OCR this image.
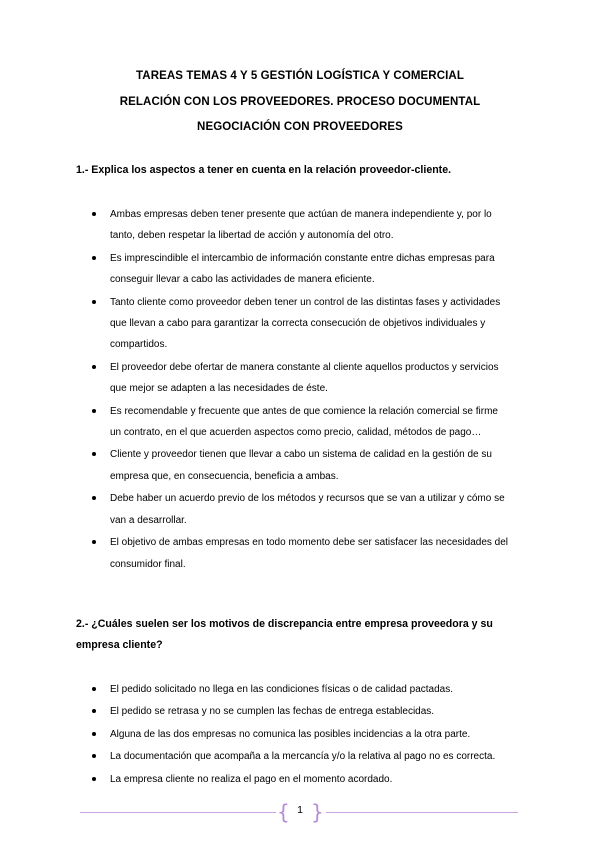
TAREAS TEMAS 4 Y 5 GESTIÓN LOGÍSTICA Y COMERCIAL
RELACIÓN CON LOS PROVEEDORES. PROCESO DOCUMENTAL
NEGOCIACIÓN CON PROVEEDORES
1.- Explica los aspectos a tener en cuenta en la relación proveedor-cliente.
Ambas empresas deben tener presente que actúan de manera independiente y, por lo tanto, deben respetar la libertad de acción y autonomía del otro.
Es imprescindible el intercambio de información constante entre dichas empresas para conseguir llevar a cabo las actividades de manera eficiente.
Tanto cliente como proveedor deben tener un control de las distintas fases y actividades que llevan a cabo para garantizar la correcta consecución de objetivos individuales y compartidos.
El proveedor debe ofertar de manera constante al cliente aquellos productos y servicios que mejor se adapten a las necesidades de éste.
Es recomendable y frecuente que antes de que comience la relación comercial se firme un contrato, en el que acuerden aspectos como precio, calidad, métodos de pago…
Cliente y proveedor tienen que llevar a cabo un sistema de calidad en la gestión de su empresa que, en consecuencia, beneficia a ambas.
Debe haber un acuerdo previo de los métodos y recursos que se van a utilizar y cómo se van a desarrollar.
El objetivo de ambas empresas en todo momento debe ser satisfacer las necesidades del consumidor final.
2.- ¿Cuáles suelen ser los motivos de discrepancia entre empresa proveedora y su empresa cliente?
El pedido solicitado no llega en las condiciones físicas o de calidad pactadas.
El pedido se retrasa y no se cumplen las fechas de entrega establecidas.
Alguna de las dos empresas no comunica las posibles incidencias a la otra parte.
La documentación que acompaña a la mercancía y/o la relativa al pago no es correcta.
La empresa cliente no realiza el pago en el momento acordado.
{ }
1
